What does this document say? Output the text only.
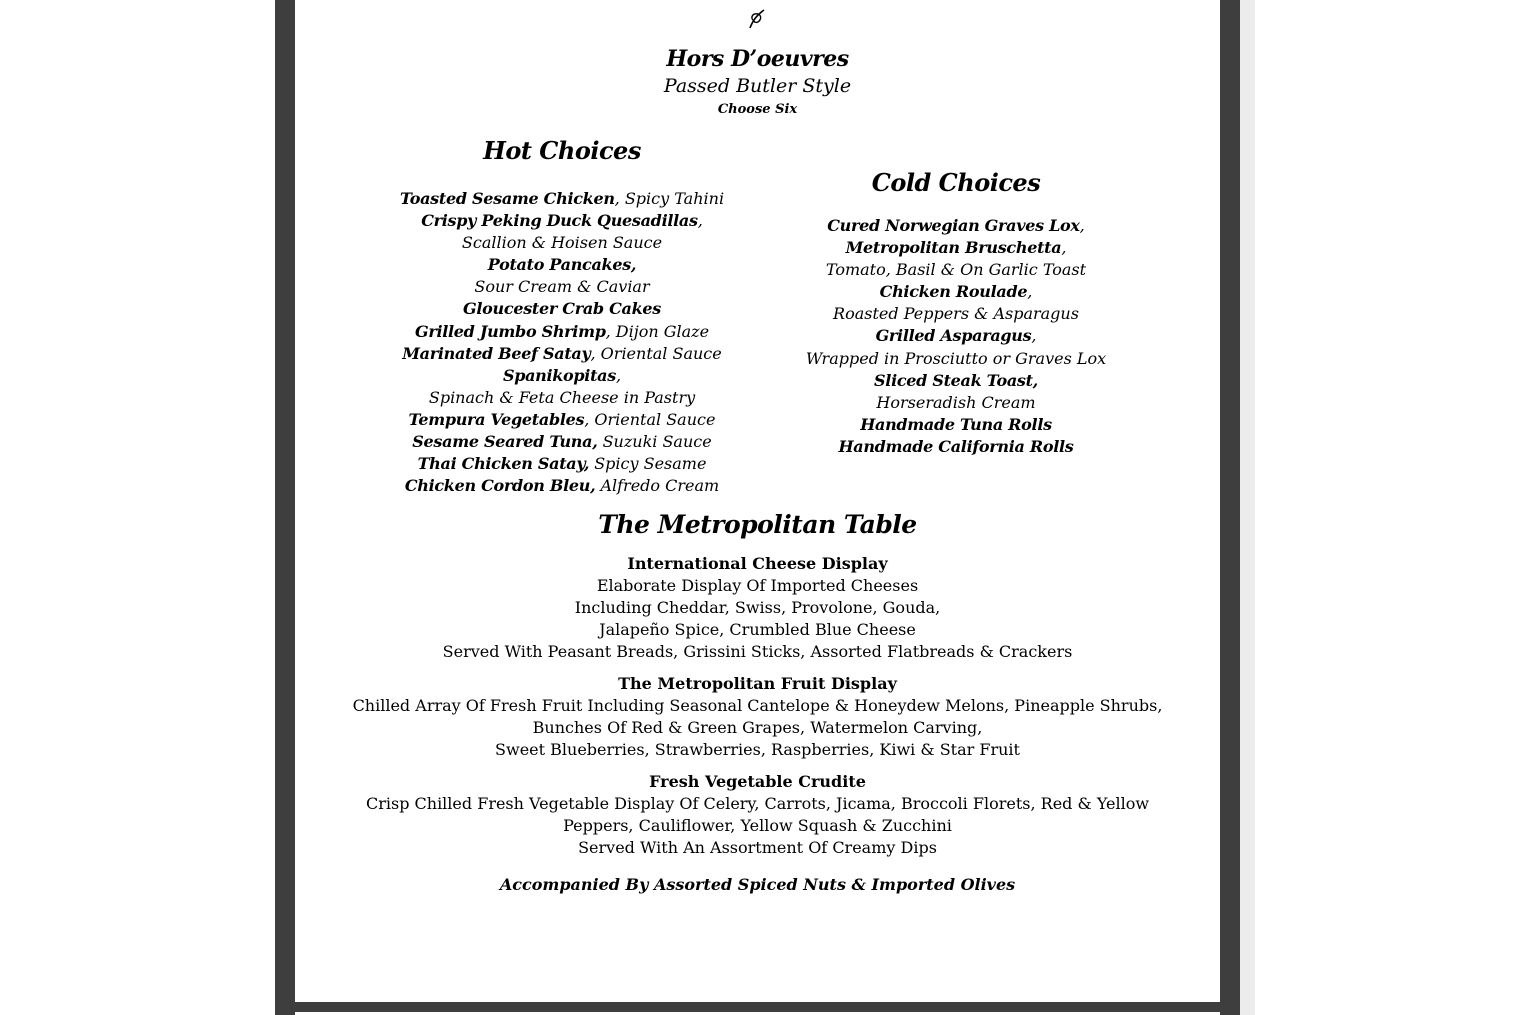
Hors D’oeuvres
Passed Butler Style
Choose Six
Hot Choices
Toasted Sesame Chicken, Spicy Tahini
Crispy Peking Duck Quesadillas,
Scallion & Hoisen Sauce
Potato Pancakes,
Sour Cream & Caviar
Gloucester Crab Cakes
Grilled Jumbo Shrimp, Dijon Glaze
Marinated Beef Satay, Oriental Sauce
Spanikopitas,
Spinach & Feta Cheese in Pastry
Tempura Vegetables, Oriental Sauce
Sesame Seared Tuna, Suzuki Sauce
Thai Chicken Satay, Spicy Sesame
Chicken Cordon Bleu, Alfredo Cream
Cold Choices
Cured Norwegian Graves Lox,
Metropolitan Bruschetta,
Tomato, Basil & On Garlic Toast
Chicken Roulade,
Roasted Peppers & Asparagus
Grilled Asparagus,
Wrapped in Prosciutto or Graves Lox
Sliced Steak Toast,
Horseradish Cream
Handmade Tuna Rolls
Handmade California Rolls
The Metropolitan Table
International Cheese Display
Elaborate Display Of Imported Cheeses
Including Cheddar, Swiss, Provolone, Gouda,
Jalapeño Spice, Crumbled Blue Cheese
Served With Peasant Breads, Grissini Sticks, Assorted Flatbreads & Crackers
The Metropolitan Fruit Display
Chilled Array Of Fresh Fruit Including Seasonal Cantelope & Honeydew Melons, Pineapple Shrubs,
Bunches Of Red & Green Grapes, Watermelon Carving,
Sweet Blueberries, Strawberries, Raspberries, Kiwi & Star Fruit
Fresh Vegetable Crudite
Crisp Chilled Fresh Vegetable Display Of Celery, Carrots, Jicama, Broccoli Florets, Red & Yellow
Peppers, Cauliflower, Yellow Squash & Zucchini
Served With An Assortment Of Creamy Dips
Accompanied By Assorted Spiced Nuts & Imported Olives
